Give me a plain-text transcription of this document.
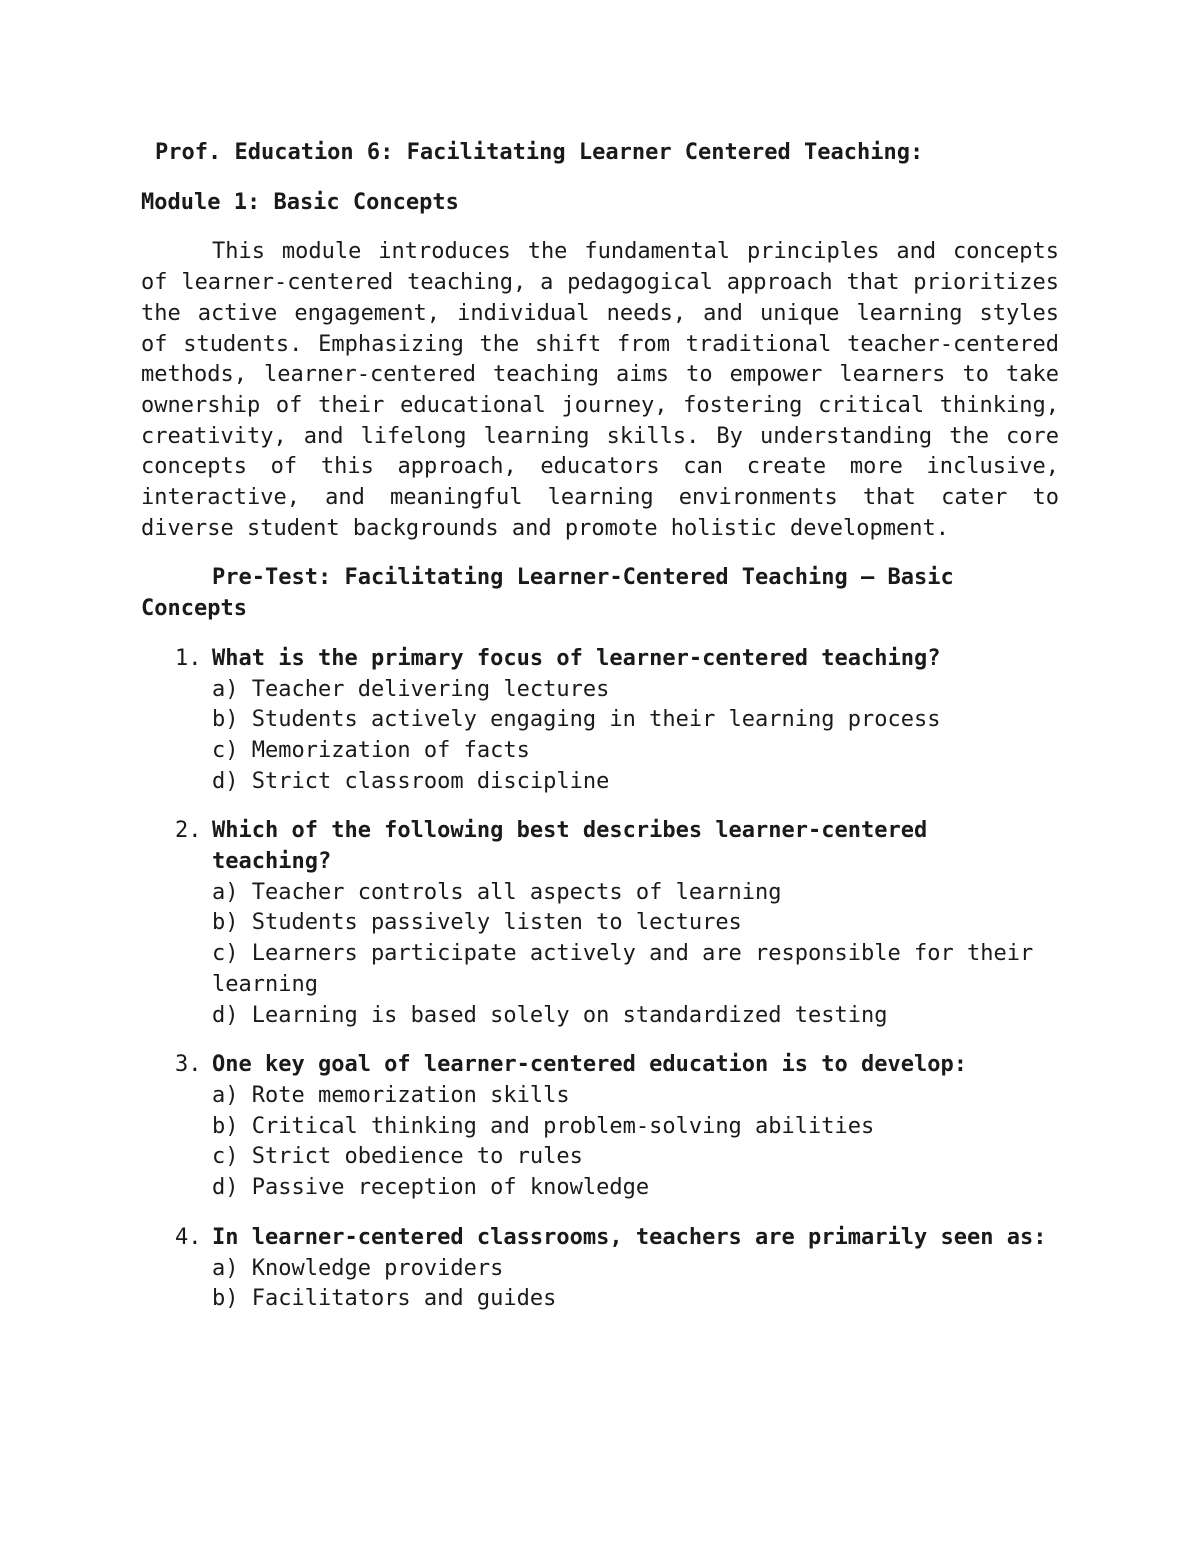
Prof. Education 6: Facilitating Learner Centered Teaching:
Module 1: Basic Concepts

This module introduces the fundamental principles and concepts of learner-centered teaching, a pedagogical approach that prioritizes the active engagement, individual needs, and unique learning styles of students. Emphasizing the shift from traditional teacher-centered methods, learner-centered teaching aims to empower learners to take ownership of their educational journey, fostering critical thinking, creativity, and lifelong learning skills. By understanding the core concepts of this approach, educators can create more inclusive, interactive, and meaningful learning environments that cater to diverse student backgrounds and promote holistic development.

Pre-Test: Facilitating Learner-Centered Teaching – Basic Concepts
1. What is the primary focus of learner-centered teaching?
a) Teacher delivering lectures
b) Students actively engaging in their learning process
c) Memorization of facts
d) Strict classroom discipline
2. Which of the following best describes learner-centered teaching?
a) Teacher controls all aspects of learning
b) Students passively listen to lectures
c) Learners participate actively and are responsible for their learning
d) Learning is based solely on standardized testing
3. One key goal of learner-centered education is to develop:
a) Rote memorization skills
b) Critical thinking and problem-solving abilities
c) Strict obedience to rules
d) Passive reception of knowledge
4. In learner-centered classrooms, teachers are primarily seen as:
a) Knowledge providers
b) Facilitators and guides
